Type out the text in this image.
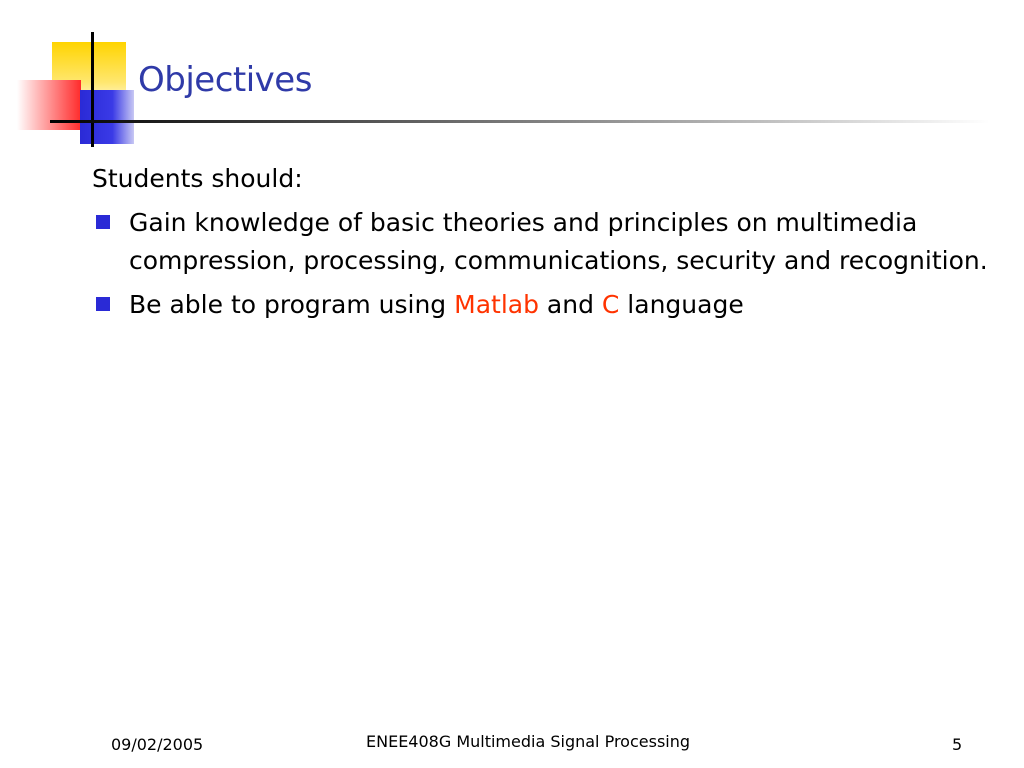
Objectives
Students should:
Gain knowledge of basic theories and principles on multimedia compression, processing, communications, security and recognition.
Be able to program using Matlab and C language
09/02/2005	ENEE408G Multimedia Signal Processing	5
